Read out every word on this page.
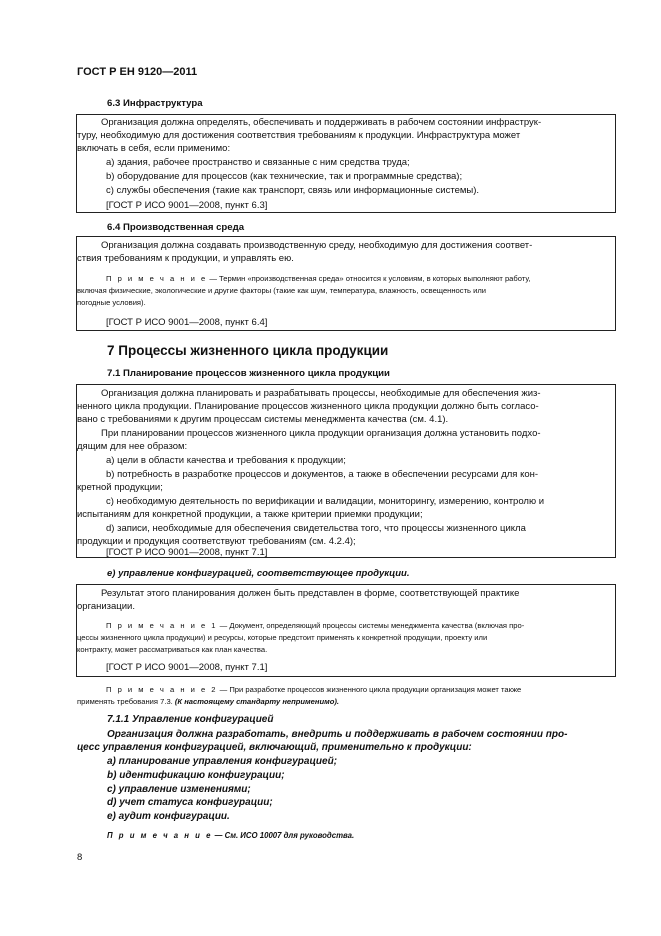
ГОСТ Р ЕН 9120—2011
6.3 Инфраструктура
Организация должна определять, обеспечивать и поддерживать в рабочем состоянии инфраструк-
туру, необходимую для достижения соответствия требованиям к продукции. Инфраструктура может
включать в себя, если применимо:
a) здания, рабочее пространство и связанные с ним средства труда;
b) оборудование для процессов (как технические, так и программные средства);
c) службы обеспечения (такие как транспорт, связь или информационные системы).
[ГОСТ Р ИСО 9001—2008, пункт 6.3]
6.4 Производственная среда
Организация должна создавать производственную среду, необходимую для достижения соответ-
ствия требованиям к продукции, и управлять ею.
П р и м е ч а н и е — Термин «производственная среда» относится к условиям, в которых выполняют работу,
включая физические, экологические и другие факторы (такие как шум, температура, влажность, освещенность или
погодные условия).
[ГОСТ Р ИСО 9001—2008, пункт 6.4]
7 Процессы жизненного цикла продукции
7.1 Планирование процессов жизненного цикла продукции
Организация должна планировать и разрабатывать процессы, необходимые для обеспечения жиз-
ненного цикла продукции. Планирование процессов жизненного цикла продукции должно быть согласо-
вано с требованиями к другим процессам системы менеджмента качества (см. 4.1).
При планировании процессов жизненного цикла продукции организация должна установить подхо-
дящим для нее образом:
a) цели в области качества и требования к продукции;
b) потребность в разработке процессов и документов, а также в обеспечении ресурсами для кон-
кретной продукции;
c) необходимую деятельность по верификации и валидации, мониторингу, измерению, контролю и
испытаниям для конкретной продукции, а также критерии приемки продукции;
d) записи, необходимые для обеспечения свидетельства того, что процессы жизненного цикла
продукции и продукция соответствуют требованиям (см. 4.2.4);
[ГОСТ Р ИСО 9001—2008, пункт 7.1]
e) управление конфигурацией, соответствующее продукции.
Результат этого планирования должен быть представлен в форме, соответствующей практике
организации.
П р и м е ч а н и е 1 — Документ, определяющий процессы системы менеджмента качества (включая про-
цессы жизненного цикла продукции) и ресурсы, которые предстоит применять к конкретной продукции, проекту или
контракту, может рассматриваться как план качества.
[ГОСТ Р ИСО 9001—2008, пункт 7.1]
П р и м е ч а н и е 2 — При разработке процессов жизненного цикла продукции организация может также
применять требования 7.3. (К настоящему стандарту неприменимо).
7.1.1 Управление конфигурацией
Организация должна разработать, внедрить и поддерживать в рабочем состоянии про-
цесс управления конфигурацией, включающий, применительно к продукции:
a) планирование управления конфигурацией;
b) идентификацию конфигурации;
c) управление изменениями;
d) учет статуса конфигурации;
e) аудит конфигурации.
П р и м е ч а н и е — См. ИСО 10007 для руководства.
8
